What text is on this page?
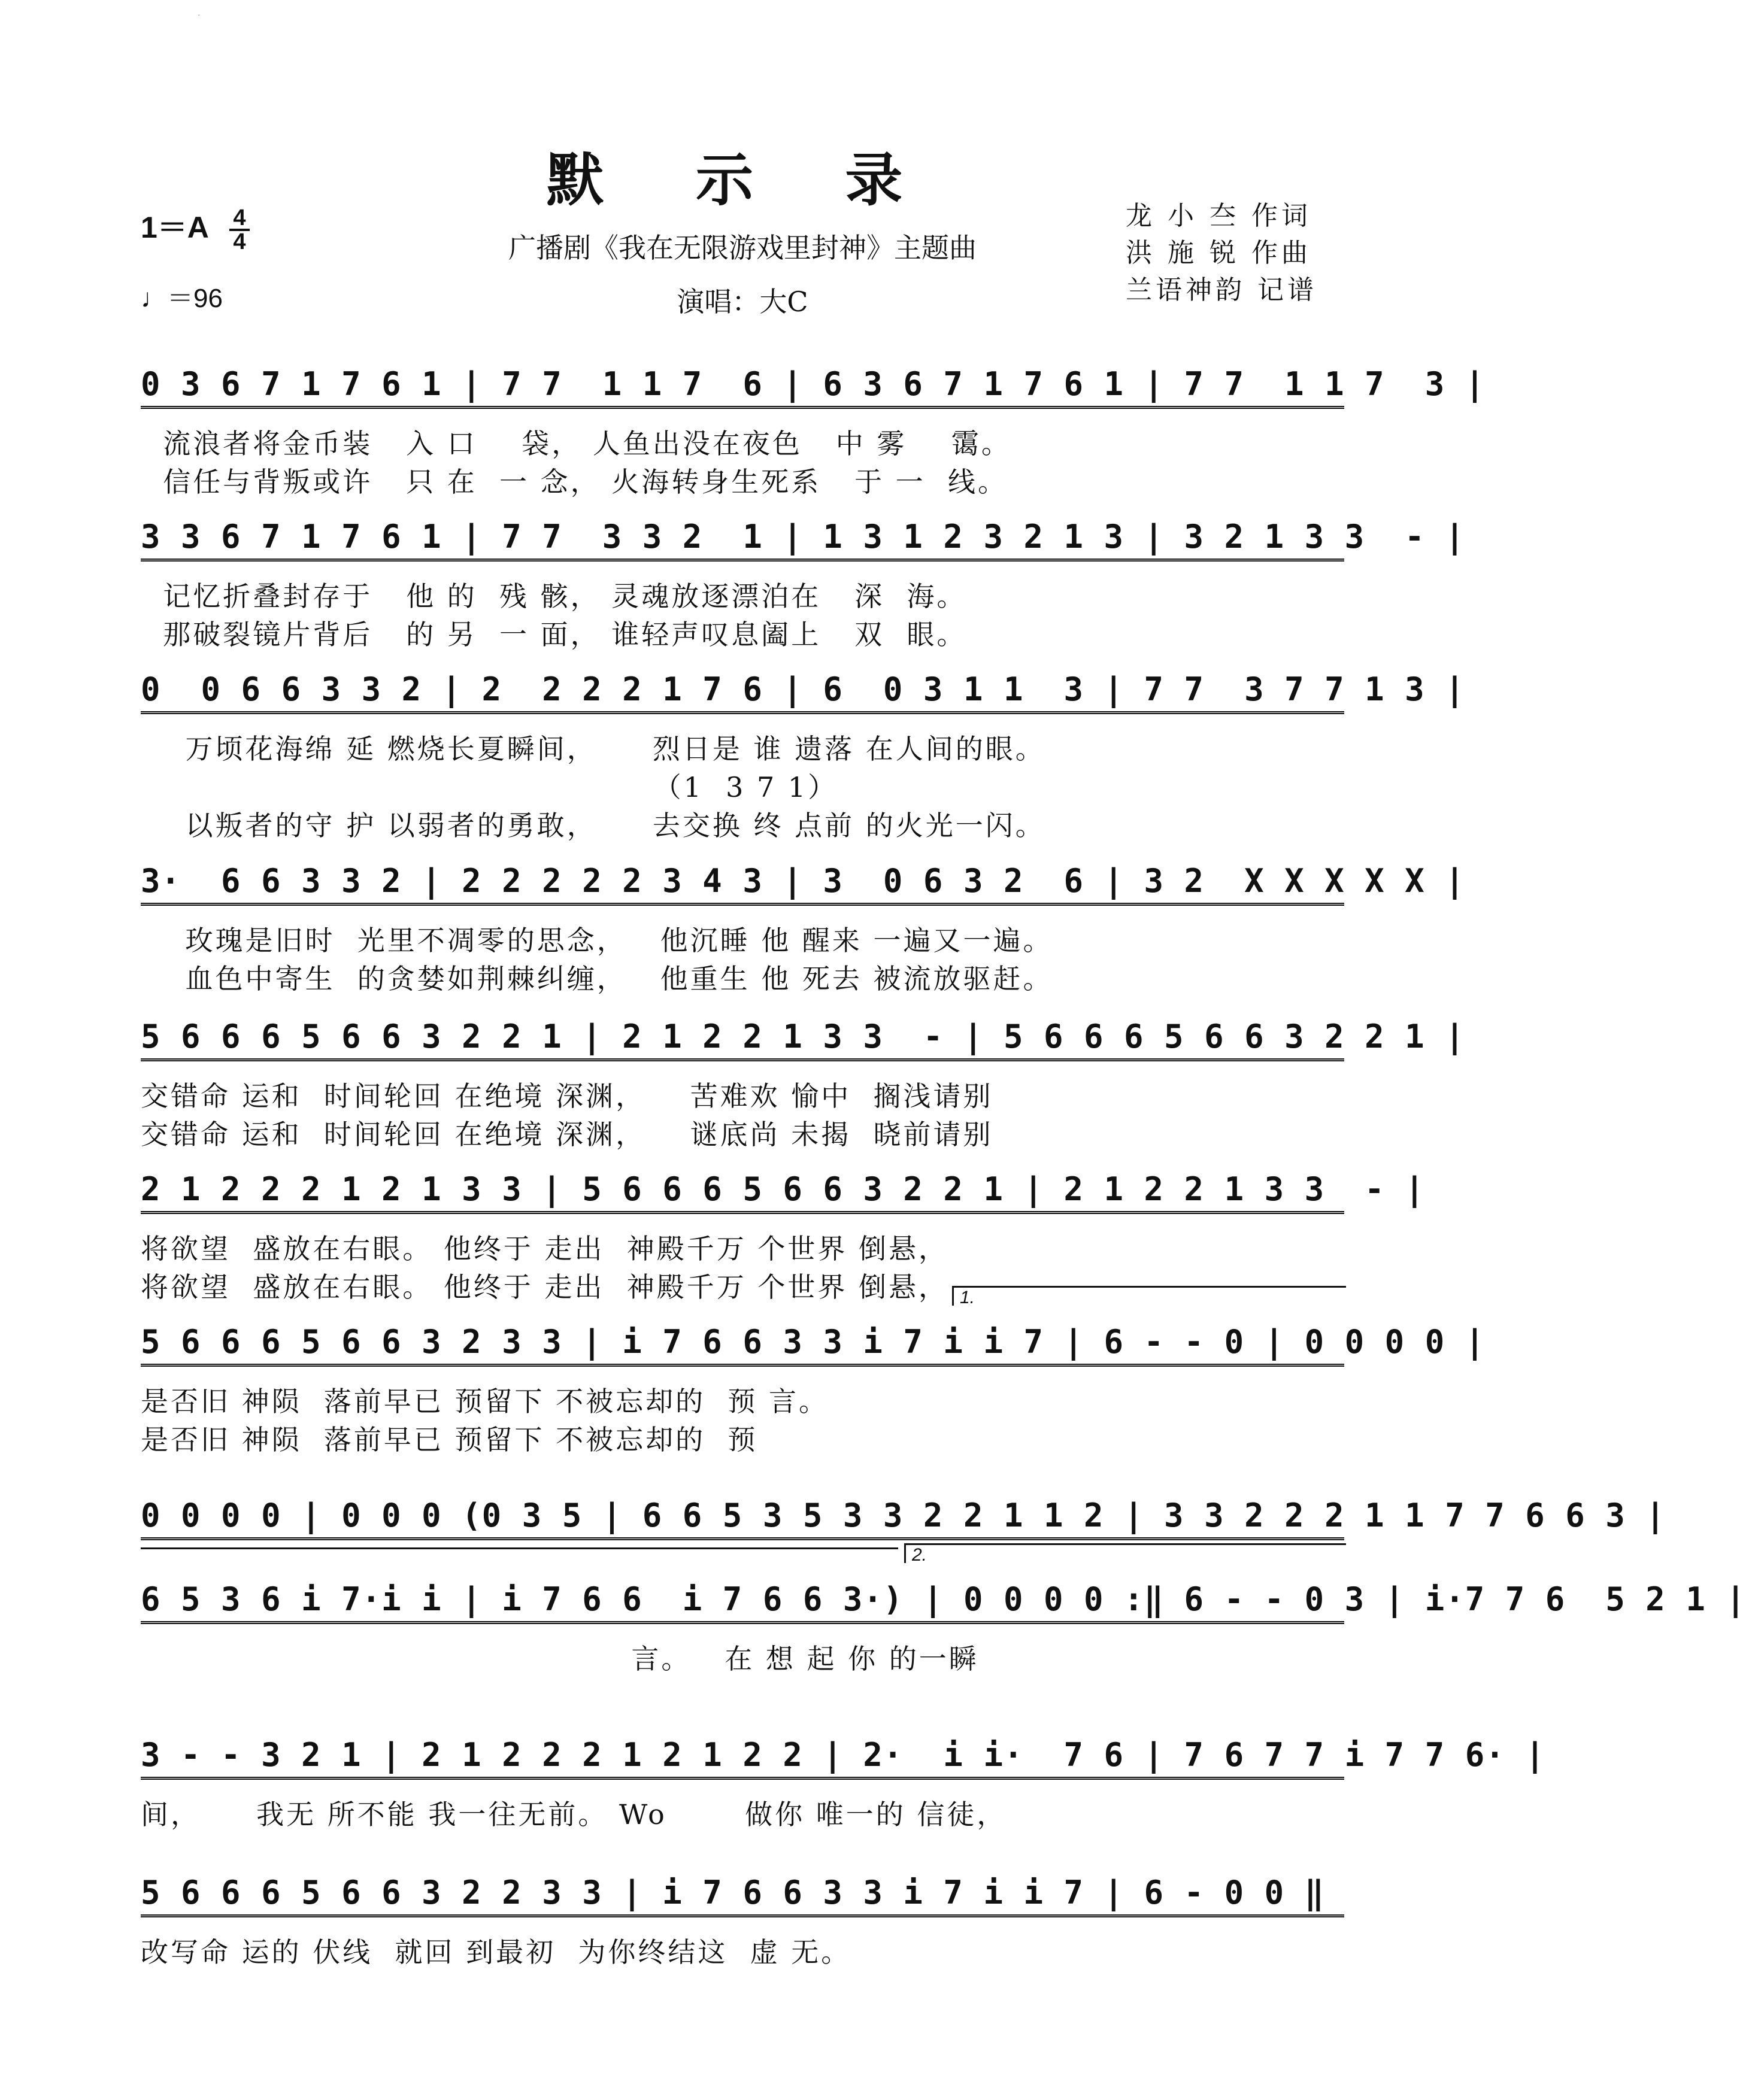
·
默 示 录
广播剧《我在无限游戏里封神》主题曲
演唱：大C
$1=A \frac{4}{4}$
♩＝96
龙 小 夳 作词
洪 施 锐 作曲
兰语神韵 记谱
0 3 6 7 1 7 6 1 | 7 7  1 1 7  6 | 6 3 6 7 1 7 6 1 | 7 7  1 1 7  3 |
流浪者将金币装   入 口    袋， 人鱼出没在夜色   中 雾    霭。
信任与背叛或许   只 在  一 念， 火海转身生死系   于 一  线。
3 3 6 7 1 7 6 1 | 7 7  3 3 2  1 | 1 3 1 2 3 2 1 3 | 3 2 1 3 3  - |
记忆折叠封存于   他 的  残 骸， 灵魂放逐漂泊在   深  海。
那破裂镜片背后   的 另  一 面， 谁轻声叹息阖上   双  眼。
0  0 6 6 3 3 2 | 2  2 2 2 1 7 6 | 6  0 3 1 1  3 | 7 7  3 7 7 1 3 |
万顷花海绵 延 燃烧长夏瞬间，     烈日是 谁 遗落 在人间的眼。
（1  3 7 1）
以叛者的守 护 以弱者的勇敢，     去交换 终 点前 的火光一闪。
3·  6 6 3 3 2 | 2 2 2 2 2 3 4 3 | 3  0 6 3 2  6 | 3 2  X X X X X |
玫瑰是旧时  光里不凋零的思念，   他沉睡 他 醒来 一遍又一遍。
血色中寄生  的贪婪如荆棘纠缠，   他重生 他 死去 被流放驱赶。
5 6 6 6 5 6 6 3 2 2 1 | 2 1 2 2 1 3 3  - | 5 6 6 6 5 6 6 3 2 2 1 |
交错命 运和  时间轮回 在绝境 深渊，    苦难欢 愉中  搁浅请别
交错命 运和  时间轮回 在绝境 深渊，    谜底尚 未揭  晓前请别
2 1 2 2 2 1 2 1 3 3 | 5 6 6 6 5 6 6 3 2 2 1 | 2 1 2 2 1 3 3  - |
将欲望  盛放在右眼。 他终于 走出  神殿千万 个世界 倒悬，
将欲望  盛放在右眼。 他终于 走出  神殿千万 个世界 倒悬， 1.
5 6 6 6 5 6 6 3 2 3 3 | i 7 6 6 3 3 i 7 i i 7 | 6 - - 0 | 0 0 0 0 |
是否旧 神陨  落前早已 预留下 不被忘却的  预 言。
是否旧 神陨  落前早已 预留下 不被忘却的  预
0 0 0 0 | 0 0 0 (0 3 5 | 6 6 5 3 5 3 3 2 2 1 1 2 | 3 3 2 2 2 1 1 7 7 6 6 3 |
2.
6 5 3 6 i 7·i i | i 7 6 6  i 7 6 6 3·) | 0 0 0 0 :‖ 6 - - 0 3 | i·7 7 6  5 2 1 |
言。   在 想 起 你 的一瞬
3 - - 3 2 1 | 2 1 2 2 2 1 2 1 2 2 | 2·  i i·  7 6 | 7 6 7 7 i 7 7 6· |
间，     我无 所不能 我一往无前。 Wo       做你 唯一的 信徒，
5 6 6 6 5 6 6 3 2 2 3 3 | i 7 6 6 3 3 i 7 i i 7 | 6 - 0 0 ‖
改写命 运的 伏线  就回 到最初  为你终结这  虚 无。
